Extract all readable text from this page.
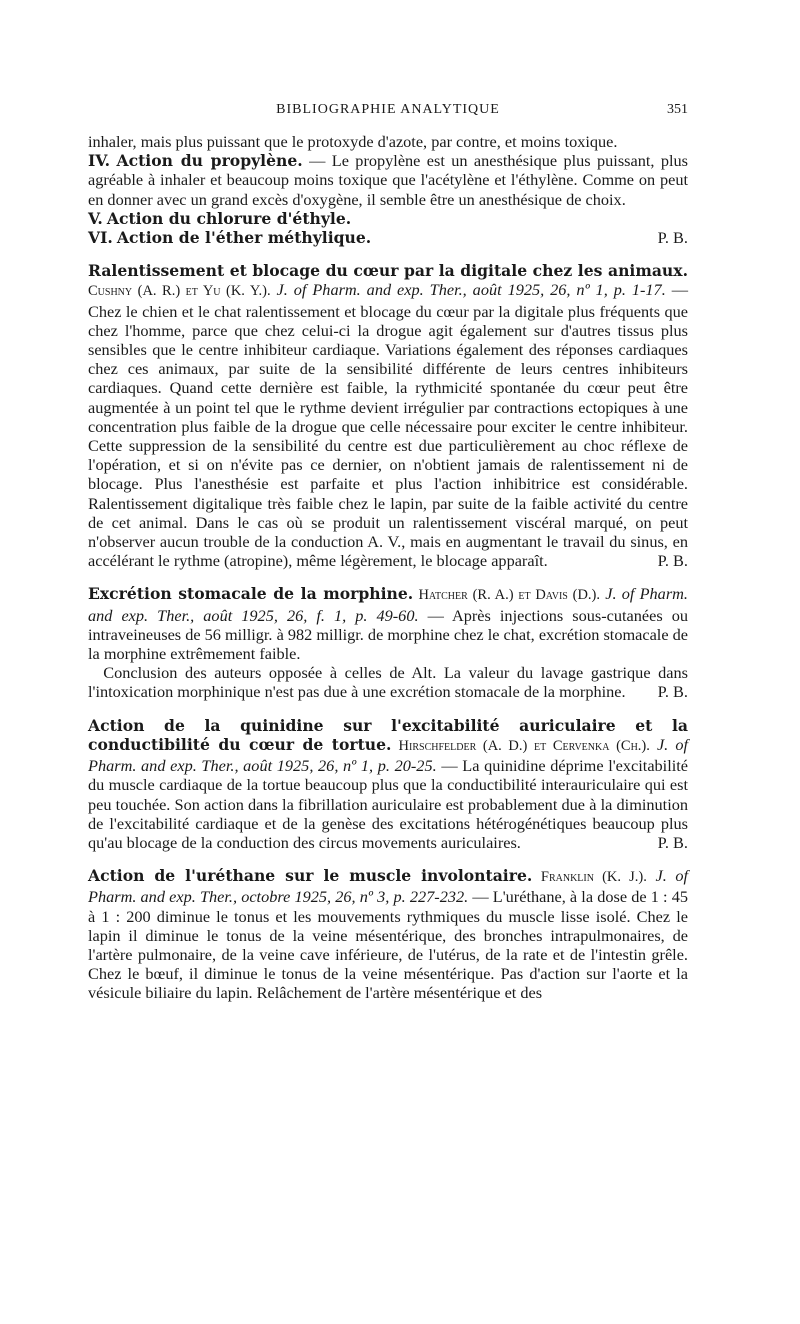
BIBLIOGRAPHIE ANALYTIQUE	351

inhaler, mais plus puissant que le protoxyde d'azote, par contre, et moins toxique.

IV. Action du propylène. — Le propylène est un anesthésique plus puissant, plus agréable à inhaler et beaucoup moins toxique que l'acétylène et l'éthylène. Comme on peut en donner avec un grand excès d'oxygène, il semble être un anesthésique de choix.

V. Action du chlorure d'éthyle.

VI. Action de l'éther méthylique.	P. B.

Ralentissement et blocage du cœur par la digitale chez les animaux. Cushny (A. R.) et Yu (K. Y.). J. of Pharm. and exp. Ther., août 1925, 26, nº 1, p. 1-17. — Chez le chien et le chat ralentissement et blocage du cœur par la digitale plus fréquents que chez l'homme, parce que chez celui-ci la drogue agit également sur d'autres tissus plus sensibles que le centre inhibiteur cardiaque. Variations également des réponses cardiaques chez ces animaux, par suite de la sensibilité différente de leurs centres inhibiteurs cardiaques. Quand cette dernière est faible, la rythmicité spontanée du cœur peut être augmentée à un point tel que le rythme devient irrégulier par contractions ectopiques à une concentration plus faible de la drogue que celle nécessaire pour exciter le centre inhibiteur. Cette suppression de la sensibilité du centre est due particulièrement au choc réflexe de l'opération, et si on n'évite pas ce dernier, on n'obtient jamais de ralentissement ni de blocage. Plus l'anesthésie est parfaite et plus l'action inhibitrice est considérable. Ralentissement digitalique très faible chez le lapin, par suite de la faible activité du centre de cet animal. Dans le cas où se produit un ralentissement viscéral marqué, on peut n'observer aucun trouble de la conduction A. V., mais en augmentant le travail du sinus, en accélérant le rythme (atropine), même légèrement, le blocage apparaît.	P. B.

Excrétion stomacale de la morphine. Hatcher (R. A.) et Davis (D.). J. of Pharm. and exp. Ther., août 1925, 26, f. 1, p. 49-60. — Après injections sous-cutanées ou intraveineuses de 56 milligr. à 982 milligr. de morphine chez le chat, excrétion stomacale de la morphine extrêmement faible.

Conclusion des auteurs opposée à celles de Alt. La valeur du lavage gastrique dans l'intoxication morphinique n'est pas due à une excrétion stomacale de la morphine. P. B.

Action de la quinidine sur l'excitabilité auriculaire et la conductibilité du cœur de tortue. Hirschfelder (A. D.) et Cervenka (Ch.). J. of Pharm. and exp. Ther., août 1925, 26, nº 1, p. 20-25. — La quinidine déprime l'excitabilité du muscle cardiaque de la tortue beaucoup plus que la conductibilité interauriculaire qui est peu touchée. Son action dans la fibrillation auriculaire est probablement due à la diminution de l'excitabilité cardiaque et de la genèse des excitations hétérogénétiques beaucoup plus qu'au blocage de la conduction des circus movements auriculaires.	P. B.

Action de l'uréthane sur le muscle involontaire. Franklin (K. J.). J. of Pharm. and exp. Ther., octobre 1925, 26, nº 3, p. 227-232. — L'uréthane, à la dose de 1 : 45 à 1 : 200 diminue le tonus et les mouvements rythmiques du muscle lisse isolé. Chez le lapin il diminue le tonus de la veine mésentérique, des bronches intrapulmonaires, de l'artère pulmonaire, de la veine cave inférieure, de l'utérus, de la rate et de l'intestin grêle. Chez le bœuf, il diminue le tonus de la veine mésentérique. Pas d'action sur l'aorte et la vésicule biliaire du lapin. Relâchement de l'artère mésentérique et des
